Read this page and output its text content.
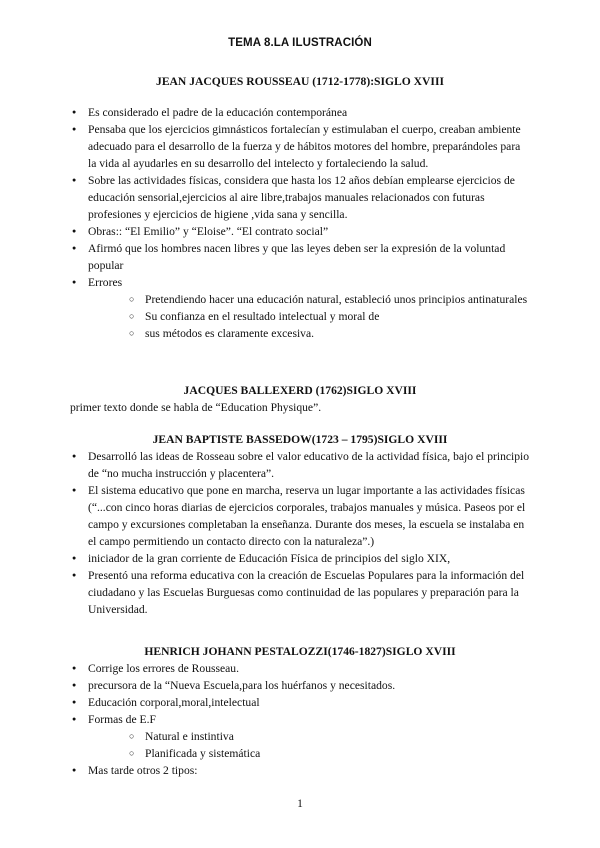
TEMA 8.LA ILUSTRACIÓN
JEAN JACQUES ROUSSEAU (1712-1778):SIGLO XVIII
● Es considerado el padre de la educación contemporánea
● Pensaba que los ejercicios gimnásticos fortalecían y estimulaban el cuerpo, creaban ambiente adecuado para el desarrollo de la fuerza y de hábitos motores del hombre, preparándoles para la vida al ayudarles en su desarrollo del intelecto y fortaleciendo la salud.
● Sobre las actividades físicas, considera que hasta los 12 años debían emplearse ejercicios de educación sensorial,ejercicios al aire libre,trabajos manuales relacionados con futuras profesiones y ejercicios de higiene ,vida sana y sencilla.
● Obras:: “El Emilio” y “Eloise”. “El contrato social”
● Afirmó que los hombres nacen libres y que las leyes deben ser la expresión de la voluntad popular
● Errores
○ Pretendiendo hacer una educación natural, estableció unos principios antinaturales
○ Su confianza en el resultado intelectual y moral de
○ sus métodos es claramente excesiva.
JACQUES BALLEXERD (1762)SIGLO XVIII

primer texto donde se habla de “Education Physique”.

JEAN BAPTISTE BASSEDOW(1723 – 1795)SIGLO XVIII
● Desarrolló las ideas de Rosseau sobre el valor educativo de la actividad física, bajo el principio de “no mucha instrucción y placentera”.
● El sistema educativo que pone en marcha, reserva un lugar importante a las actividades físicas (“...con cinco horas diarias de ejercicios corporales, trabajos manuales y música. Paseos por el campo y excursiones completaban la enseñanza. Durante dos meses, la escuela se instalaba en el campo permitiendo un contacto directo con la naturaleza”.)
● iniciador de la gran corriente de Educación Física de principios del siglo XIX,
● Presentó una reforma educativa con la creación de Escuelas Populares para la información del ciudadano y las Escuelas Burguesas como continuidad de las populares y preparación para la Universidad.
HENRICH JOHANN PESTALOZZI(1746-1827)SIGLO XVIII
● Corrige los errores de Rousseau.
● precursora de la “Nueva Escuela,para los huérfanos y necesitados.
● Educación corporal,moral,intelectual
● Formas de E.F
○ Natural e instintiva
○ Planificada y sistemática
● Mas tarde otros 2 tipos:
1
